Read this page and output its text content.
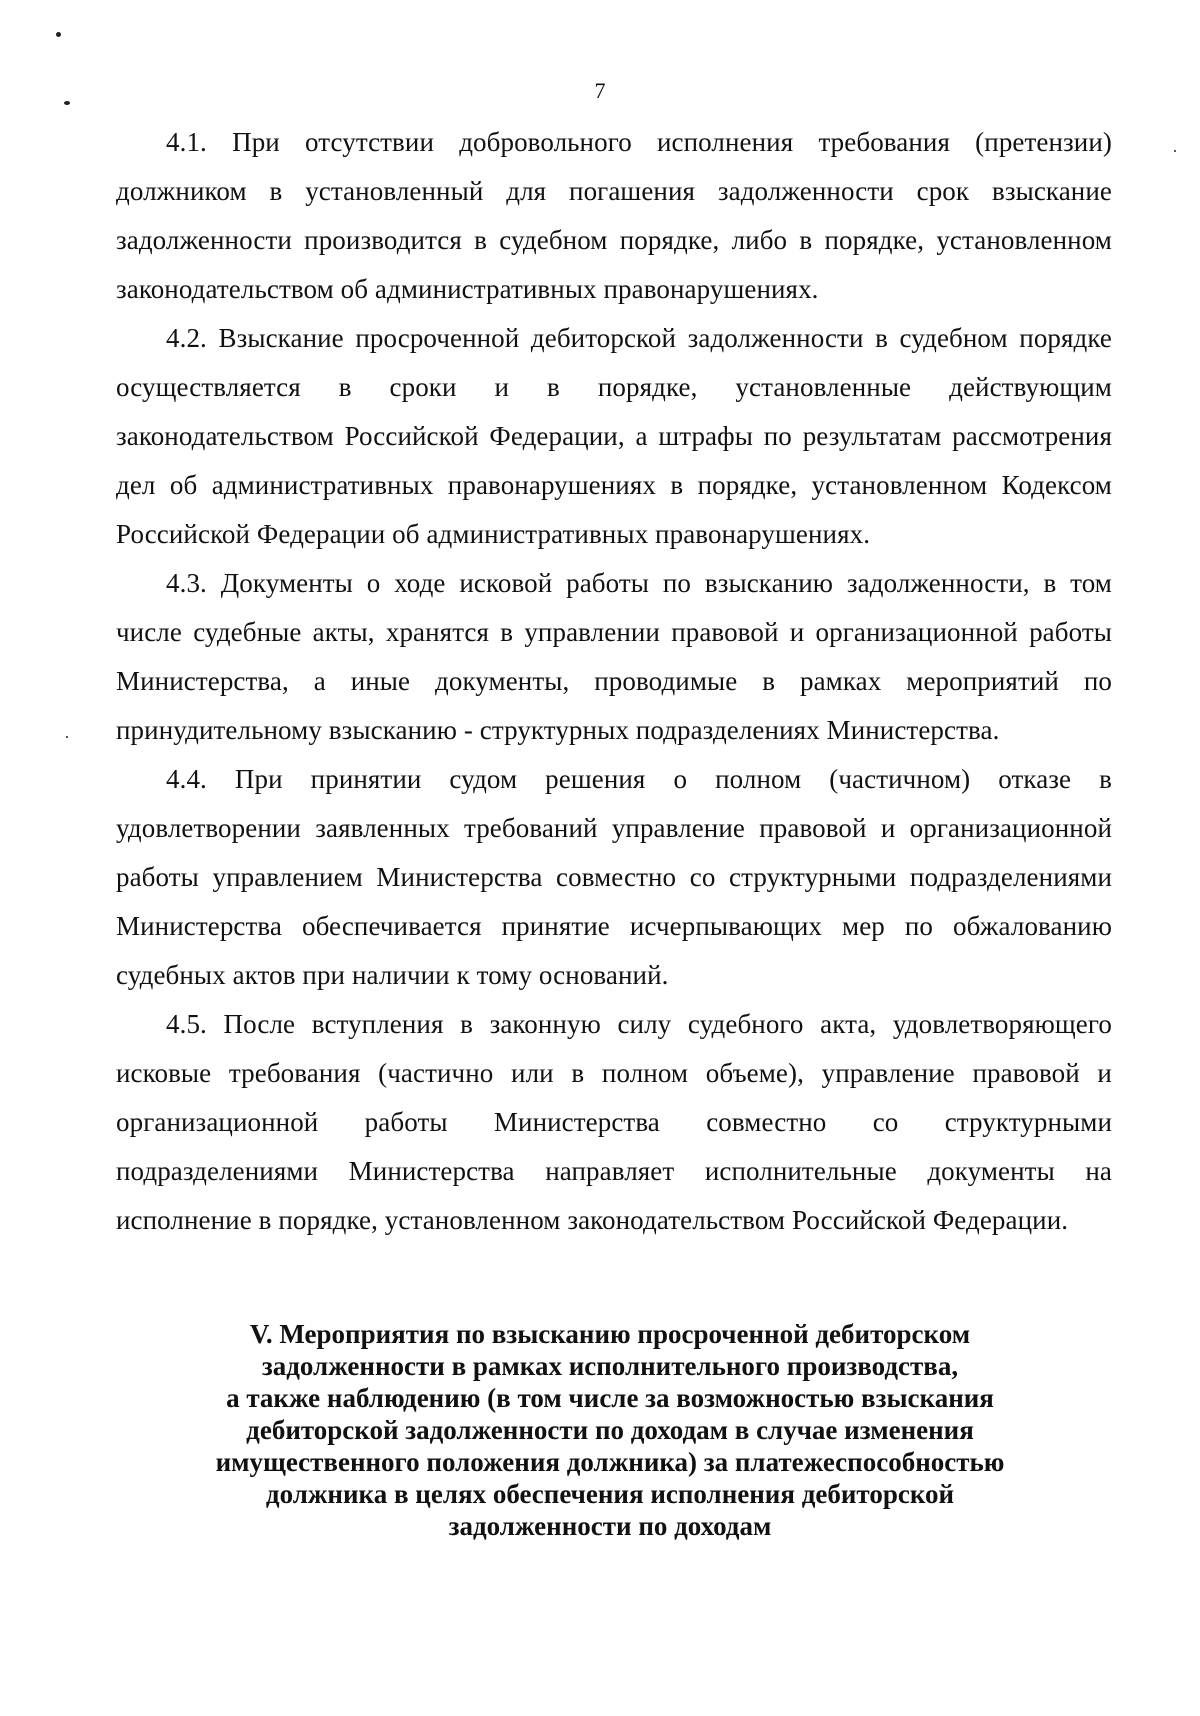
7

4.1. При отсутствии добровольного исполнения требования (претензии) должником в установленный для погашения задолженности срок взыскание задолженности производится в судебном порядке, либо в порядке, установленном законодательством об административных правонарушениях.

4.2. Взыскание просроченной дебиторской задолженности в судебном порядке осуществляется в сроки и в порядке, установленные действующим законодательством Российской Федерации, а штрафы по результатам рассмотрения дел об административных правонарушениях в порядке, установленном Кодексом Российской Федерации об административных правонарушениях.

4.3. Документы о ходе исковой работы по взысканию задолженности, в том числе судебные акты, хранятся в управлении правовой и организационной работы Министерства, а иные документы, проводимые в рамках мероприятий по принудительному взысканию - структурных подразделениях Министерства.

4.4. При принятии судом решения о полном (частичном) отказе в удовлетворении заявленных требований управление правовой и организационной работы управлением Министерства совместно со структурными подразделениями Министерства обеспечивается принятие исчерпывающих мер по обжалованию судебных актов при наличии к тому оснований.

4.5. После вступления в законную силу судебного акта, удовлетворяющего исковые требования (частично или в полном объеме), управление правовой и организационной работы Министерства совместно со структурными подразделениями Министерства направляет исполнительные документы на исполнение в порядке, установленном законодательством Российской Федерации.

V. Мероприятия по взысканию просроченной дебиторском
задолженности в рамках исполнительного производства,
а также наблюдению (в том числе за возможностью взыскания
дебиторской задолженности по доходам в случае изменения
имущественного положения должника) за платежеспособностью
должника в целях обеспечения исполнения дебиторской
задолженности по доходам
